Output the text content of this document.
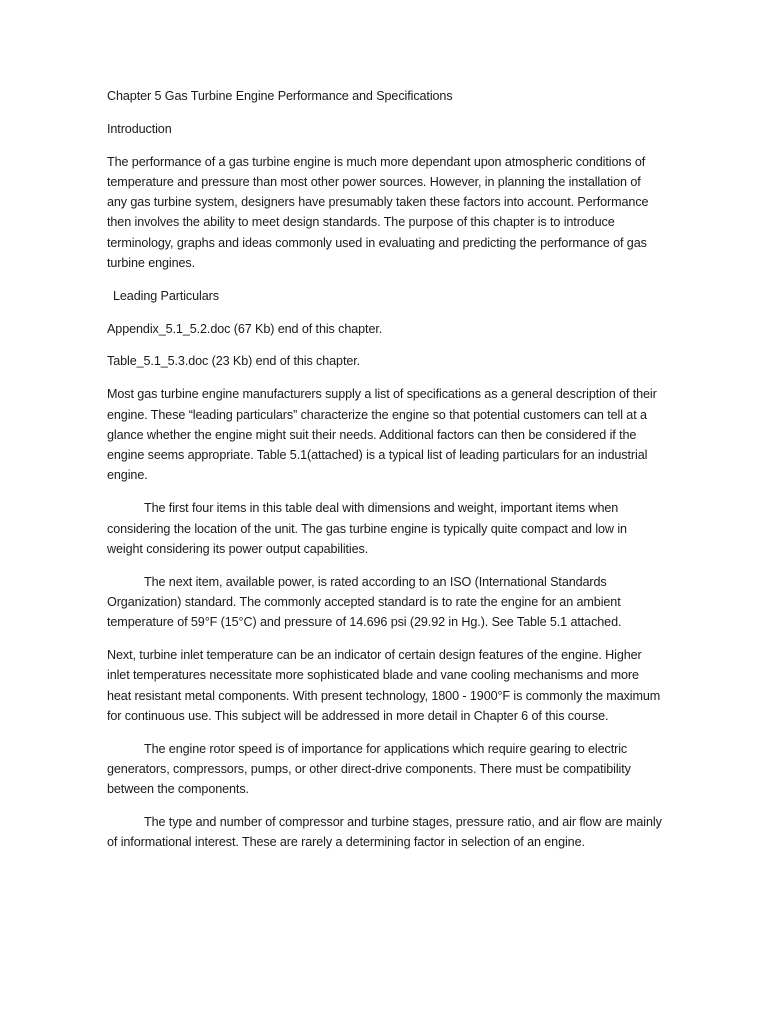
Chapter 5 Gas Turbine Engine Performance and Specifications

Introduction

The performance of a gas turbine engine is much more dependant upon atmospheric conditions of temperature and pressure than most other power sources. However, in planning the installation of any gas turbine system, designers have presumably taken these factors into account. Performance then involves the ability to meet design standards. The purpose of this chapter is to introduce terminology, graphs and ideas commonly used in evaluating and predicting the performance of gas turbine engines.

Leading Particulars

Appendix_5.1_5.2.doc (67 Kb) end of this chapter.

Table_5.1_5.3.doc (23 Kb) end of this chapter.

Most gas turbine engine manufacturers supply a list of specifications as a general description of their engine. These “leading particulars” characterize the engine so that potential customers can tell at a glance whether the engine might suit their needs. Additional factors can then be considered if the engine seems appropriate. Table 5.1(attached) is a typical list of leading particulars for an industrial engine.

The first four items in this table deal with dimensions and weight, important items when considering the location of the unit. The gas turbine engine is typically quite compact and low in weight considering its power output capabilities.

The next item, available power, is rated according to an ISO (International Standards Organization) standard. The commonly accepted standard is to rate the engine for an ambient temperature of 59°F (15°C) and pressure of 14.696 psi (29.92 in Hg.). See Table 5.1 attached.

Next, turbine inlet temperature can be an indicator of certain design features of the engine. Higher inlet temperatures necessitate more sophisticated blade and vane cooling mechanisms and more heat resistant metal components. With present technology, 1800 - 1900°F is commonly the maximum for continuous use. This subject will be addressed in more detail in Chapter 6 of this course.

The engine rotor speed is of importance for applications which require gearing to electric generators, compressors, pumps, or other direct-drive components. There must be compatibility between the components.

The type and number of compressor and turbine stages, pressure ratio, and air flow are mainly of informational interest. These are rarely a determining factor in selection of an engine.
